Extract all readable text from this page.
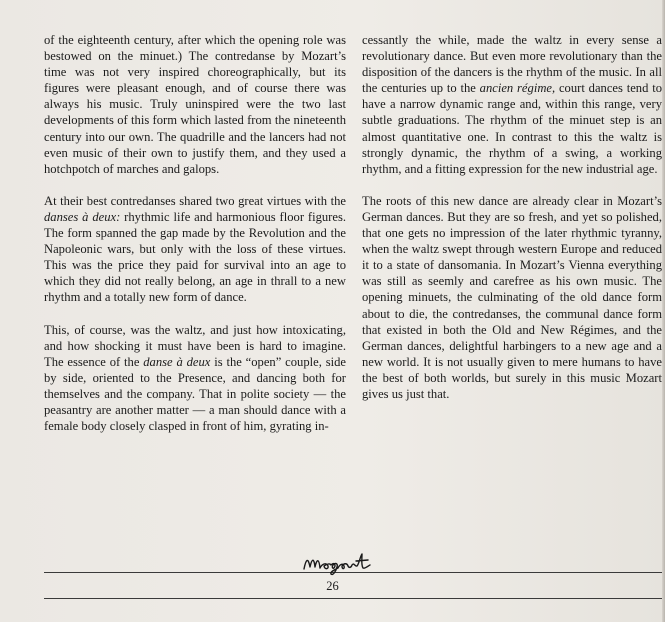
of the eighteenth century, after which the opening role was bestowed on the minuet.) The contredanse by Mozart’s time was not very inspired choreographically, but its figures were pleasant enough, and of course there was always his music. Truly uninspired were the two last developments of this form which lasted from the nineteenth century into our own. The quadrille and the lancers had not even music of their own to justify them, and they used a hotchpotch of marches and galops.

At their best contredanses shared two great virtues with the danses à deux: rhythmic life and harmonious floor figures. The form spanned the gap made by the Revolution and the Napoleonic wars, but only with the loss of these virtues. This was the price they paid for survival into an age to which they did not really belong, an age in thrall to a new rhythm and a totally new form of dance.

This, of course, was the waltz, and just how intoxicating, and how shocking it must have been is hard to imagine. The essence of the danse à deux is the “open” couple, side by side, oriented to the Presence, and dancing both for themselves and the company. That in polite society — the peasantry are another matter — a man should dance with a female body closely clasped in front of him, gyrating in-

cessantly the while, made the waltz in every sense a revolutionary dance. But even more revolutionary than the disposition of the dancers is the rhythm of the music. In all the centuries up to the ancien régime, court dances tend to have a narrow dynamic range and, within this range, very subtle graduations. The rhythm of the minuet step is an almost quantitative one. In contrast to this the waltz is strongly dynamic, the rhythm of a swing, a working rhythm, and a fitting expression for the new industrial age.

The roots of this new dance are already clear in Mozart’s German dances. But they are so fresh, and yet so polished, that one gets no impression of the later rhythmic tyranny, when the waltz swept through western Europe and reduced it to a state of dansomania. In Mozart’s Vienna everything was still as seemly and carefree as his own music. The opening minuets, the culminating of the old dance form about to die, the contredanses, the communal dance form that existed in both the Old and New Régimes, and the German dances, delightful harbingers to a new age and a new world. It is not usually given to mere humans to have the best of both worlds, but surely in this music Mozart gives us just that.

26
